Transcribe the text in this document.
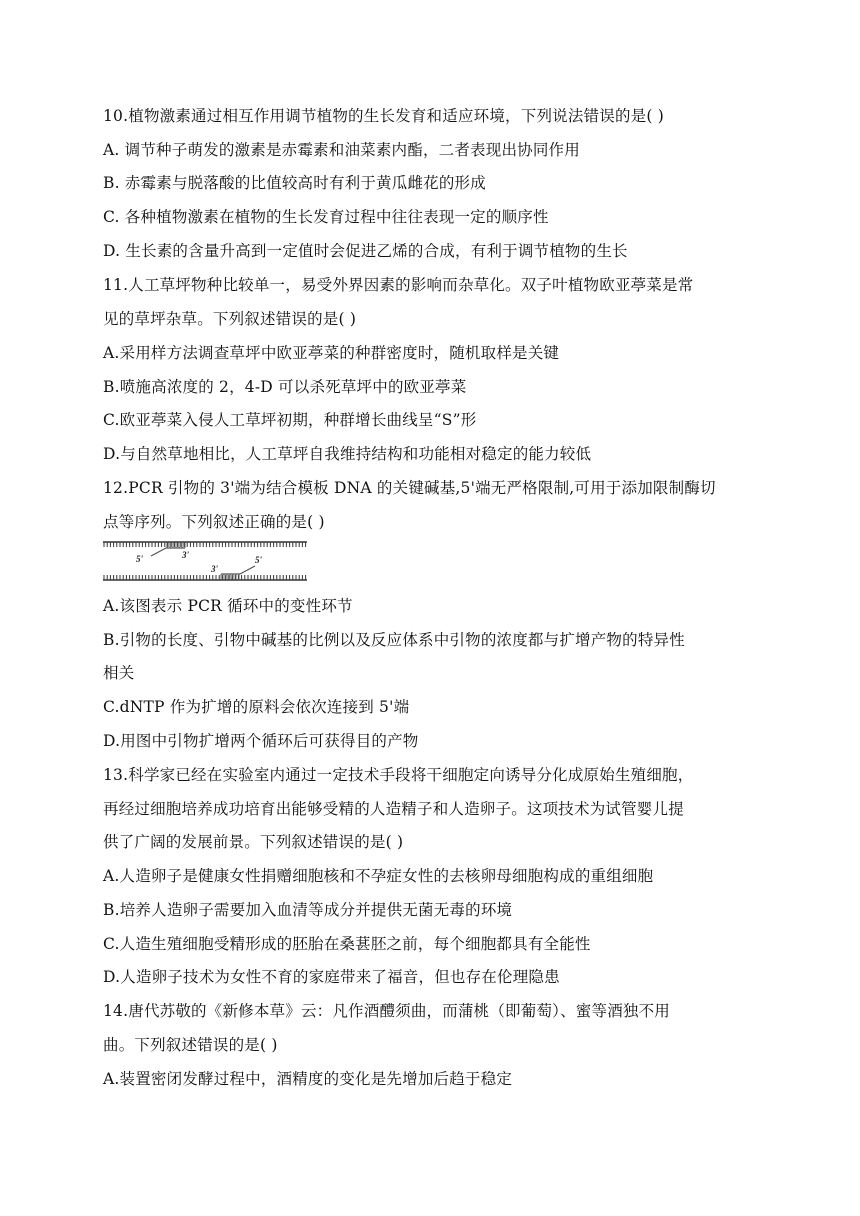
10.植物激素通过相互作用调节植物的生长发育和适应环境，下列说法错误的是( )
A. 调节种子萌发的激素是赤霉素和油菜素内酯，二者表现出协同作用
B. 赤霉素与脱落酸的比值较高时有利于黄瓜雌花的形成
C. 各种植物激素在植物的生长发育过程中往往表现一定的顺序性
D. 生长素的含量升高到一定值时会促进乙烯的合成，有利于调节植物的生长
11.人工草坪物种比较单一，易受外界因素的影响而杂草化。双子叶植物欧亚葶菜是常
见的草坪杂草。下列叙述错误的是( )
A.采用样方法调查草坪中欧亚葶菜的种群密度时，随机取样是关键
B.喷施高浓度的 2，4-D 可以杀死草坪中的欧亚葶菜
C.欧亚葶菜入侵人工草坪初期，种群增长曲线呈“S”形
D.与自然草地相比，人工草坪自我维持结构和功能相对稳定的能力较低
12.PCR 引物的 3'端为结合模板 DNA 的关键碱基,5'端无严格限制,可用于添加限制酶切
点等序列。下列叙述正确的是( )
5'	3'
3'
5'
A.该图表示 PCR 循环中的变性环节
B.引物的长度、引物中碱基的比例以及反应体系中引物的浓度都与扩增产物的特异性
相关
C.dNTP 作为扩增的原料会依次连接到 5'端
D.用图中引物扩增两个循环后可获得目的产物
13.科学家已经在实验室内通过一定技术手段将干细胞定向诱导分化成原始生殖细胞，
再经过细胞培养成功培育出能够受精的人造精子和人造卵子。这项技术为试管婴儿提
供了广阔的发展前景。下列叙述错误的是( )
A.人造卵子是健康女性捐赠细胞核和不孕症女性的去核卵母细胞构成的重组细胞
B.培养人造卵子需要加入血清等成分并提供无菌无毒的环境
C.人造生殖细胞受精形成的胚胎在桑葚胚之前，每个细胞都具有全能性
D.人造卵子技术为女性不育的家庭带来了福音，但也存在伦理隐患
14.唐代苏敬的《新修本草》云：凡作酒醴须曲，而蒲桃（即葡萄）、蜜等酒独不用
曲。下列叙述错误的是( )
A.装置密闭发酵过程中，酒精度的变化是先增加后趋于稳定
